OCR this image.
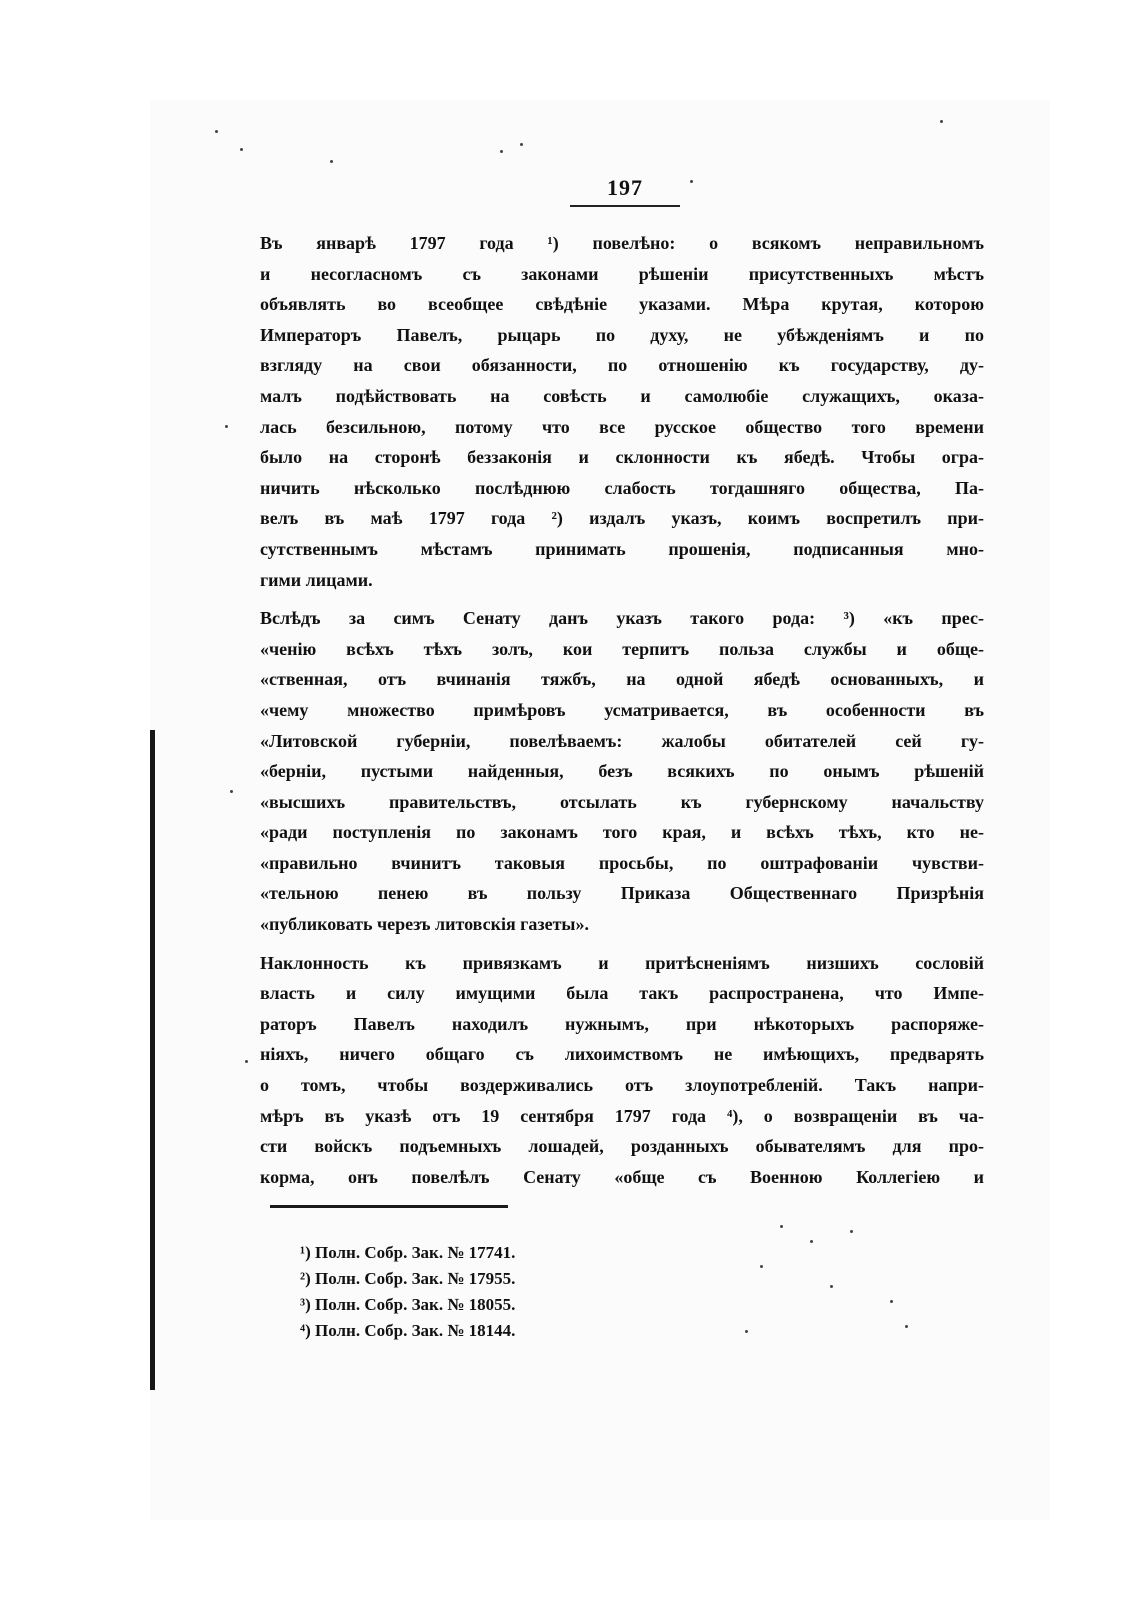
197
Въ январѣ 1797 года ¹) повелѣно: о всякомъ неправильномъ
и несогласномъ съ законами рѣшеніи присутственныхъ мѣстъ
объявлять во всеобщее свѣдѣніе указами. Мѣра крутая, которою
Императоръ Павелъ, рыцарь по духу, не убѣжденіямъ и по
взгляду на свои обязанности, по отношенію къ государству, ду-
малъ подѣйствовать на совѣсть и самолюбіе служащихъ, оказа-
лась безсильною, потому что все русское общество того времени
было на сторонѣ беззаконія и склонности къ ябедѣ. Чтобы огра-
ничить нѣсколько послѣднюю слабость тогдашняго общества, Па-
велъ въ маѣ 1797 года ²) издалъ указъ, коимъ воспретилъ при-
сутственнымъ мѣстамъ принимать прошенія, подписанныя мно-
гими лицами.
Вслѣдъ за симъ Сенату данъ указъ такого рода: ³) «къ прес-
«ченію всѣхъ тѣхъ золъ, кои терпитъ польза службы и обще-
«ственная, отъ вчинанія тяжбъ, на одной ябедѣ основанныхъ, и
«чему множество примѣровъ усматривается, въ особенности въ
«Литовской губерніи, повелѣваемъ: жалобы обитателей сей гу-
«берніи, пустыми найденныя, безъ всякихъ по онымъ рѣшеній
«высшихъ правительствъ, отсылать къ губернскому начальству
«ради поступленія по законамъ того края, и всѣхъ тѣхъ, кто не-
«правильно вчинитъ таковыя просьбы, по оштрафованіи чувстви-
«тельною пенею въ пользу Приказа Общественнаго Призрѣнія
«публиковать черезъ литовскія газеты».
Наклонность къ привязкамъ и притѣсненіямъ низшихъ сословій
власть и силу имущими была такъ распространена, что Импе-
раторъ Павелъ находилъ нужнымъ, при нѣкоторыхъ распоряже-
ніяхъ, ничего общаго съ лихоимствомъ не имѣющихъ, предварять
о томъ, чтобы воздерживались отъ злоупотребленій. Такъ напри-
мѣръ въ указѣ отъ 19 сентября 1797 года ⁴), о возвращеніи въ ча-
сти войскъ подъемныхъ лошадей, розданныхъ обывателямъ для про-
корма, онъ повелѣлъ Сенату «обще съ Военною Коллегіею и
¹) Полн. Собр. Зак. № 17741.
²) Полн. Собр. Зак. № 17955.
³) Полн. Собр. Зак. № 18055.
⁴) Полн. Собр. Зак. № 18144.
